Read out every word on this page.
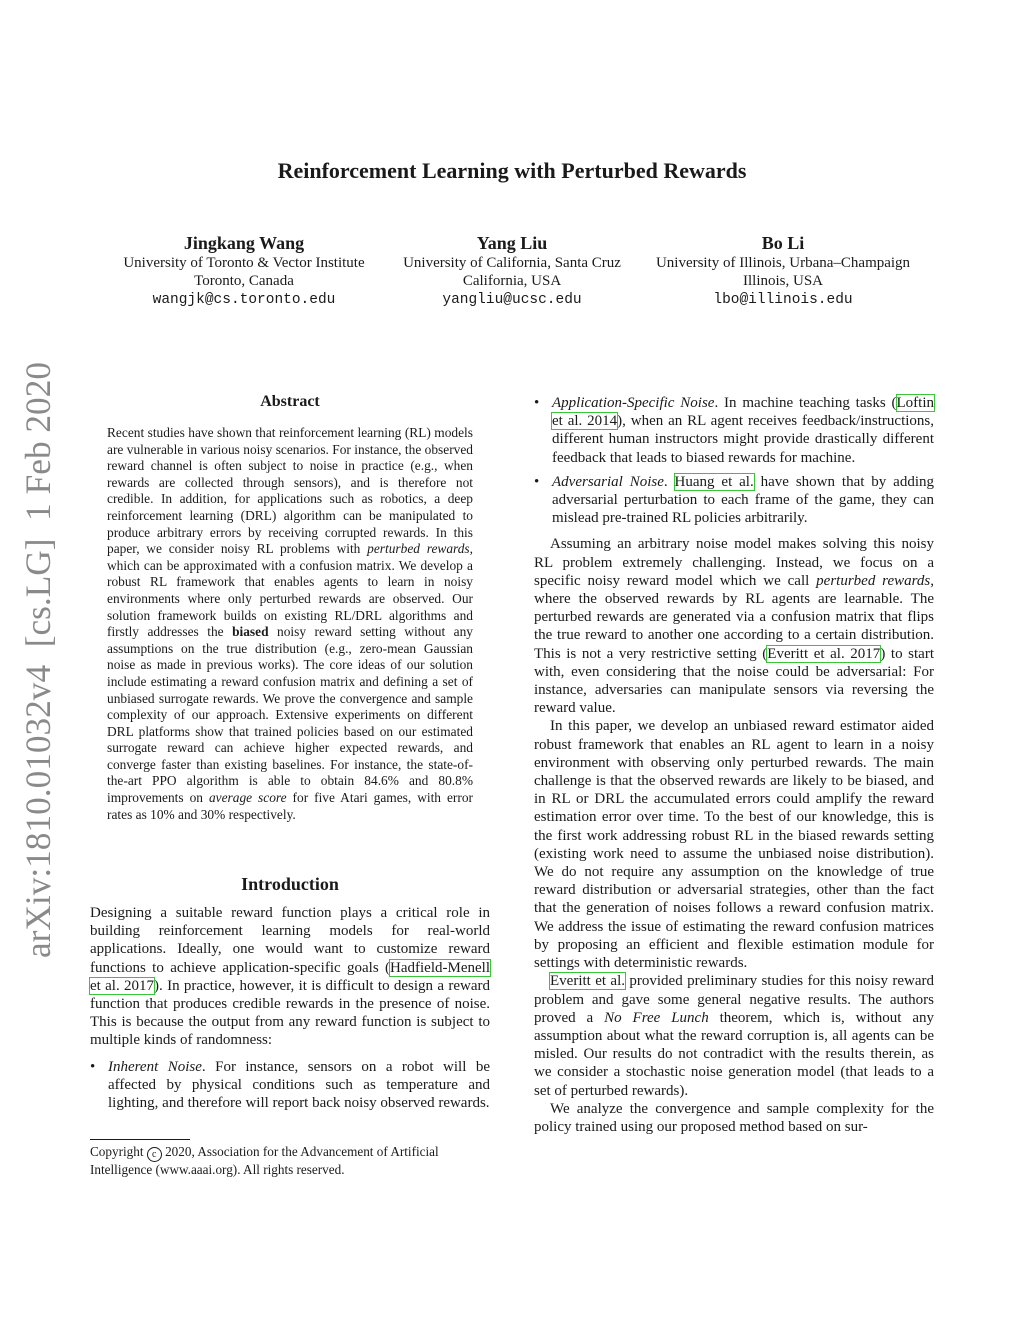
Reinforcement Learning with Perturbed Rewards
Jingkang Wang
University of Toronto & Vector Institute
Toronto, Canada
wangjk@cs.toronto.edu
Yang Liu
University of California, Santa Cruz
California, USA
yangliu@ucsc.edu
Bo Li
University of Illinois, Urbana–Champaign
Illinois, USA
lbo@illinois.edu
arXiv:1810.01032v4  [cs.LG]  1 Feb 2020	Abstract
Recent studies have shown that reinforcement learning (RL) models are vulnerable in various noisy scenarios. For instance, the observed reward channel is often subject to noise in practice (e.g., when rewards are collected through sensors), and is therefore not credible. In addition, for applications such as robotics, a deep reinforcement learning (DRL) algorithm can be manipulated to produce arbitrary errors by receiving corrupted rewards. In this paper, we consider noisy RL problems with perturbed rewards, which can be approximated with a confusion matrix. We develop a robust RL framework that enables agents to learn in noisy environments where only perturbed rewards are observed. Our solution framework builds on existing RL/DRL algorithms and firstly addresses the biased noisy reward setting without any assumptions on the true distribution (e.g., zero-mean Gaussian noise as made in previous works). The core ideas of our solution include estimating a reward confusion matrix and defining a set of unbiased surrogate rewards. We prove the convergence and sample complexity of our approach. Extensive experiments on different DRL platforms show that trained policies based on our estimated surrogate reward can achieve higher expected rewards, and converge faster than existing baselines. For instance, the state-of-the-art PPO algorithm is able to obtain 84.6% and 80.8% improvements on average score for five Atari games, with error rates as 10% and 30% respectively.
Introduction

Designing a suitable reward function plays a critical role in building reinforcement learning models for real-world applications. Ideally, one would want to customize reward functions to achieve application-specific goals (Hadfield-Menell et al. 2017). In practice, however, it is difficult to design a reward function that produces credible rewards in the presence of noise. This is because the output from any reward function is subject to multiple kinds of randomness:

• Inherent Noise. For instance, sensors on a robot will be affected by physical conditions such as temperature and lighting, and therefore will report back noisy observed rewards.
Copyright c 2020, Association for the Advancement of Artificial Intelligence (www.aaai.org). All rights reserved.
• Application-Specific Noise. In machine teaching tasks (Loftin et al. 2014), when an RL agent receives feedback/instructions, different human instructors might provide drastically different feedback that leads to biased rewards for machine.
• Adversarial Noise. Huang et al. have shown that by adding adversarial perturbation to each frame of the game, they can mislead pre-trained RL policies arbitrarily.

Assuming an arbitrary noise model makes solving this noisy RL problem extremely challenging. Instead, we focus on a specific noisy reward model which we call perturbed rewards, where the observed rewards by RL agents are learnable. The perturbed rewards are generated via a confusion matrix that flips the true reward to another one according to a certain distribution. This is not a very restrictive setting (Everitt et al. 2017) to start with, even considering that the noise could be adversarial: For instance, adversaries can manipulate sensors via reversing the reward value.

In this paper, we develop an unbiased reward estimator aided robust framework that enables an RL agent to learn in a noisy environment with observing only perturbed rewards. The main challenge is that the observed rewards are likely to be biased, and in RL or DRL the accumulated errors could amplify the reward estimation error over time. To the best of our knowledge, this is the first work addressing robust RL in the biased rewards setting (existing work need to assume the unbiased noise distribution). We do not require any assumption on the knowledge of true reward distribution or adversarial strategies, other than the fact that the generation of noises follows a reward confusion matrix. We address the issue of estimating the reward confusion matrices by proposing an efficient and flexible estimation module for settings with deterministic rewards.

Everitt et al. provided preliminary studies for this noisy reward problem and gave some general negative results. The authors proved a No Free Lunch theorem, which is, without any assumption about what the reward corruption is, all agents can be misled. Our results do not contradict with the results therein, as we consider a stochastic noise generation model (that leads to a set of perturbed rewards).

We analyze the convergence and sample complexity for the policy trained using our proposed method based on sur-
